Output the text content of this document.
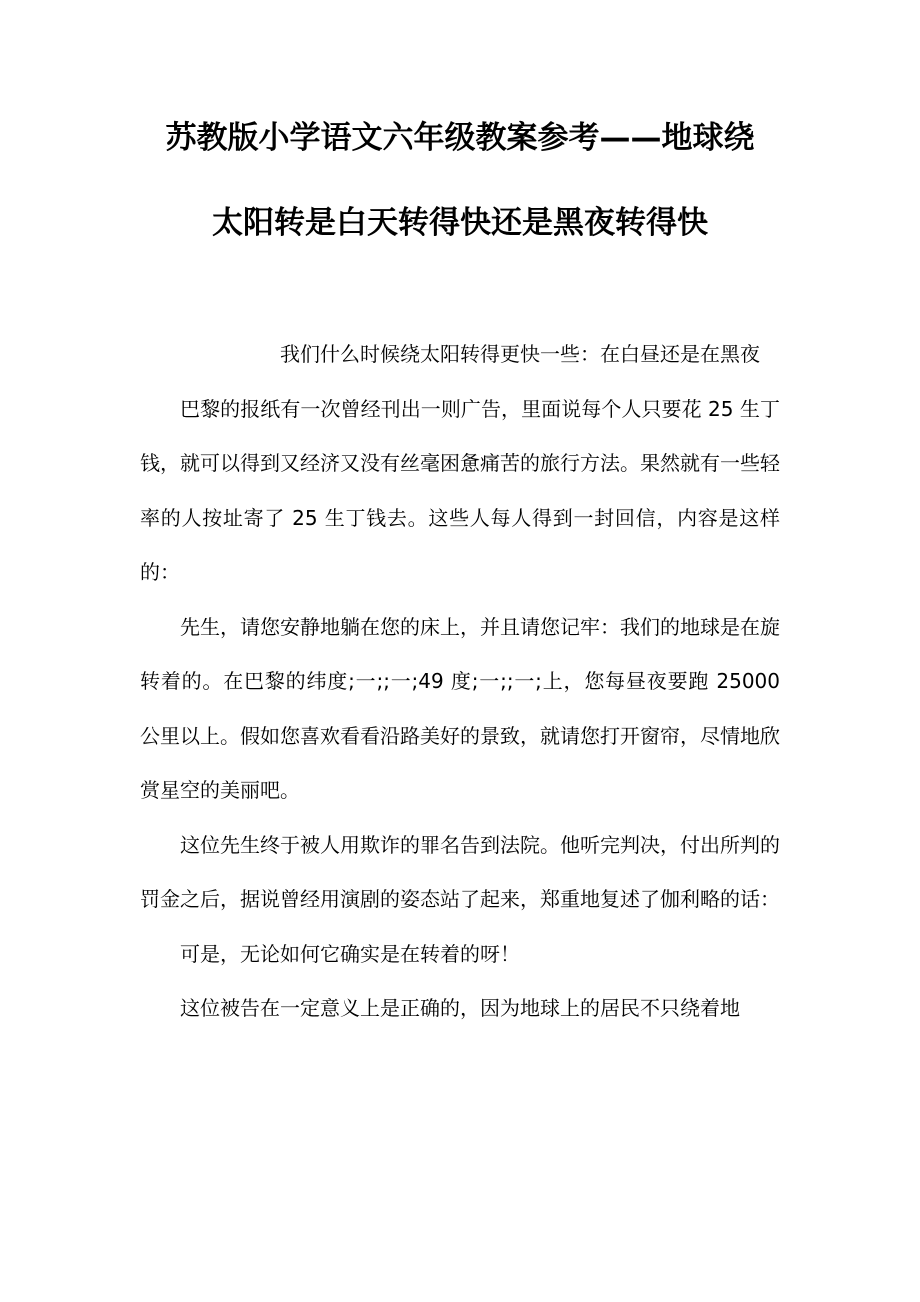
苏教版小学语文六年级教案参考——地球绕
太阳转是白天转得快还是黑夜转得快

我们什么时候绕太阳转得更快一些：在白昼还是在黑夜

巴黎的报纸有一次曾经刊出一则广告，里面说每个人只要花 25 生丁钱，就可以得到又经济又没有丝毫困惫痛苦的旅行方法。果然就有一些轻率的人按址寄了 25 生丁钱去。这些人每人得到一封回信，内容是这样的：

先生，请您安静地躺在您的床上，并且请您记牢：我们的地球是在旋转着的。在巴黎的纬度;一;;一;49 度;一;;一;上，您每昼夜要跑 25000 公里以上。假如您喜欢看看沿路美好的景致，就请您打开窗帘，尽情地欣赏星空的美丽吧。

这位先生终于被人用欺诈的罪名告到法院。他听完判决，付出所判的罚金之后，据说曾经用演剧的姿态站了起来，郑重地复述了伽利略的话：

可是，无论如何它确实是在转着的呀！

这位被告在一定意义上是正确的，因为地球上的居民不只绕着地
